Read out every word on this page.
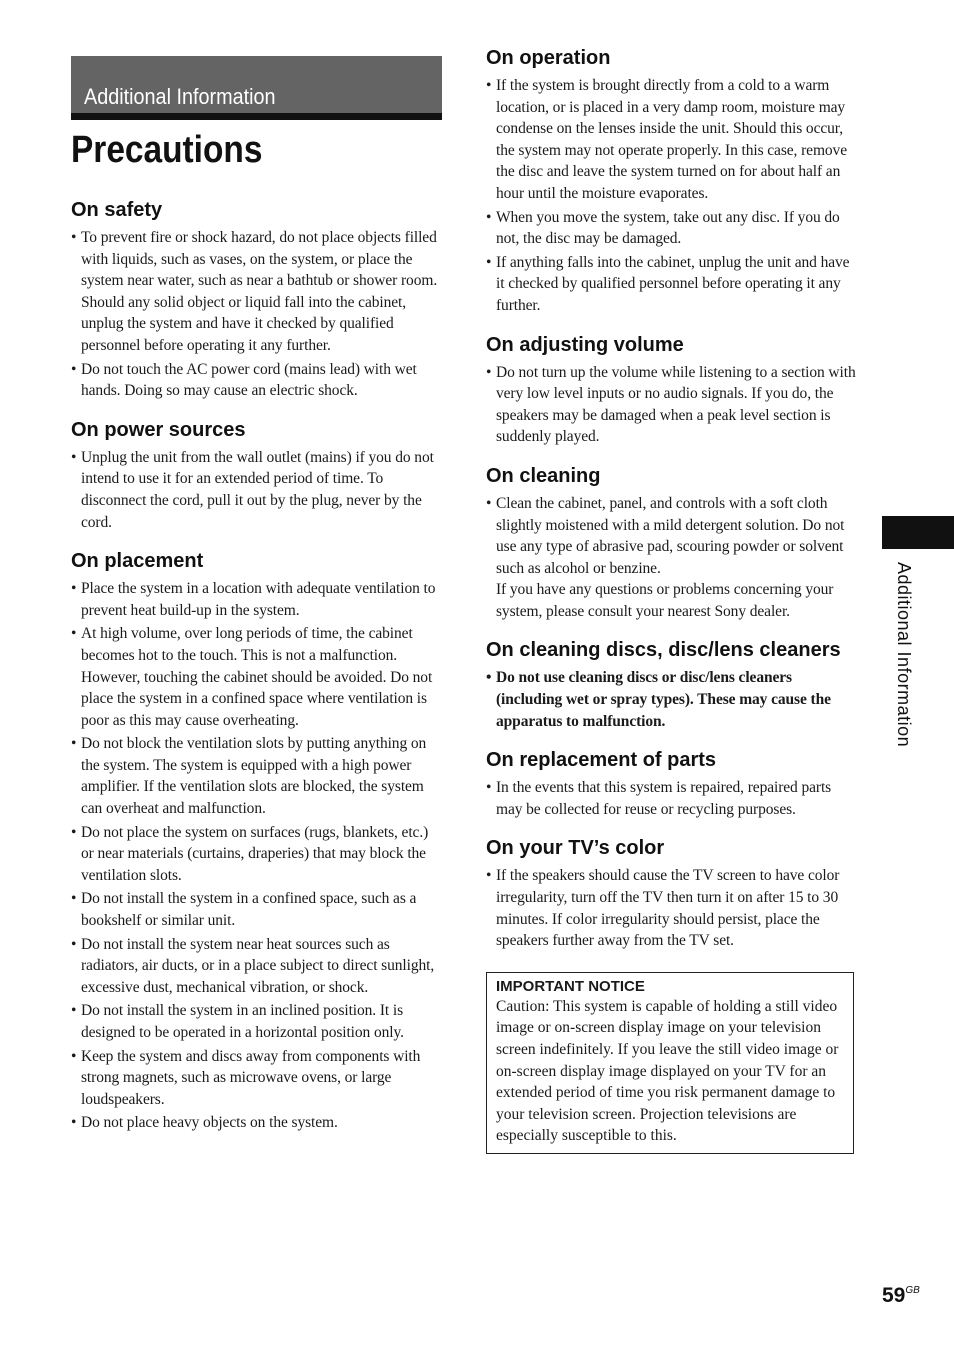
Additional Information
Precautions
On safety
• To prevent fire or shock hazard, do not place objects filled with liquids, such as vases, on the system, or place the system near water, such as near a bathtub or shower room. Should any solid object or liquid fall into the cabinet, unplug the system and have it checked by qualified personnel before operating it any further.
• Do not touch the AC power cord (mains lead) with wet hands. Doing so may cause an electric shock.
On power sources
• Unplug the unit from the wall outlet (mains) if you do not intend to use it for an extended period of time. To disconnect the cord, pull it out by the plug, never by the cord.
On placement
• Place the system in a location with adequate ventilation to prevent heat build-up in the system.
• At high volume, over long periods of time, the cabinet becomes hot to the touch. This is not a malfunction. However, touching the cabinet should be avoided. Do not place the system in a confined space where ventilation is poor as this may cause overheating.
• Do not block the ventilation slots by putting anything on the system. The system is equipped with a high power amplifier. If the ventilation slots are blocked, the system can overheat and malfunction.
• Do not place the system on surfaces (rugs, blankets, etc.) or near materials (curtains, draperies) that may block the ventilation slots.
• Do not install the system in a confined space, such as a bookshelf or similar unit.
• Do not install the system near heat sources such as radiators, air ducts, or in a place subject to direct sunlight, excessive dust, mechanical vibration, or shock.
• Do not install the system in an inclined position. It is designed to be operated in a horizontal position only.
• Keep the system and discs away from components with strong magnets, such as microwave ovens, or large loudspeakers.
• Do not place heavy objects on the system.
On operation
• If the system is brought directly from a cold to a warm location, or is placed in a very damp room, moisture may condense on the lenses inside the unit. Should this occur, the system may not operate properly. In this case, remove the disc and leave the system turned on for about half an hour until the moisture evaporates.
• When you move the system, take out any disc. If you do not, the disc may be damaged.
• If anything falls into the cabinet, unplug the unit and have it checked by qualified personnel before operating it any further.
On adjusting volume
• Do not turn up the volume while listening to a section with very low level inputs or no audio signals. If you do, the speakers may be damaged when a peak level section is suddenly played.
On cleaning
• Clean the cabinet, panel, and controls with a soft cloth slightly moistened with a mild detergent solution. Do not use any type of abrasive pad, scouring powder or solvent such as alcohol or benzine.
If you have any questions or problems concerning your system, please consult your nearest Sony dealer.
On cleaning discs, disc/lens cleaners
• Do not use cleaning discs or disc/lens cleaners (including wet or spray types). These may cause the apparatus to malfunction.
On replacement of parts
• In the events that this system is repaired, repaired parts may be collected for reuse or recycling purposes.
On your TV’s color
• If the speakers should cause the TV screen to have color irregularity, turn off the TV then turn it on after 15 to 30 minutes. If color irregularity should persist, place the speakers further away from the TV set.
IMPORTANT NOTICE
Caution: This system is capable of holding a still video image or on-screen display image on your television screen indefinitely. If you leave the still video image or on-screen display image displayed on your TV for an extended period of time you risk permanent damage to your television screen. Projection televisions are especially susceptible to this.
Additional Information
$59^{GB}$
